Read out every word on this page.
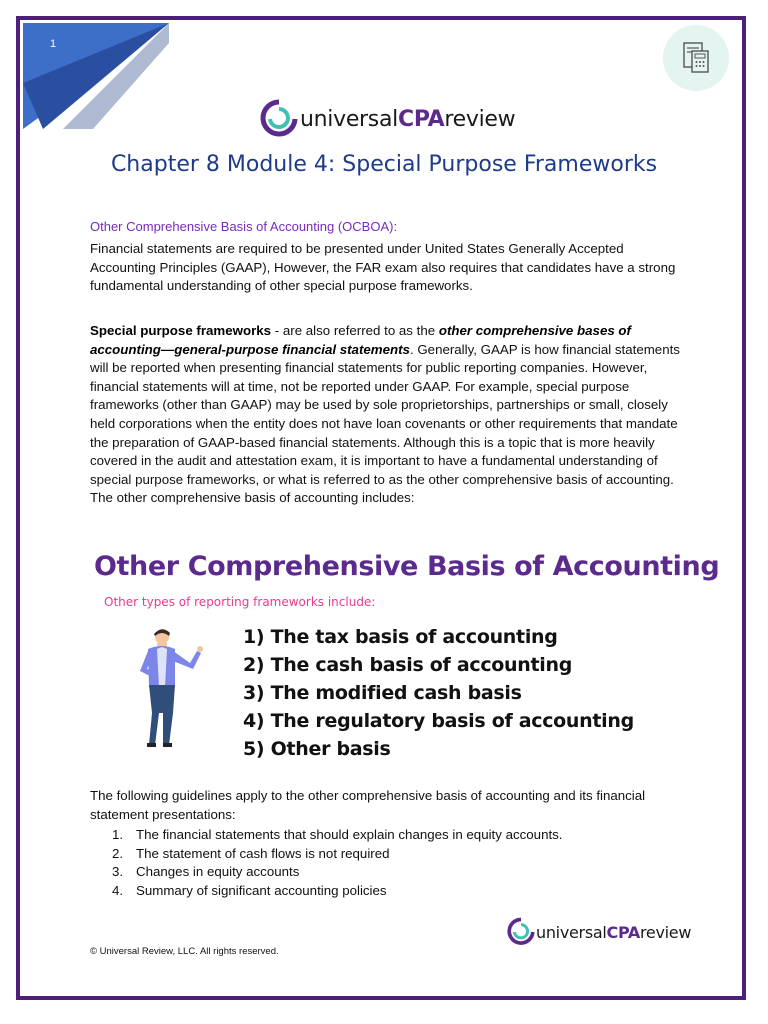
1
universalCPAreview
Chapter 8 Module 4: Special Purpose Frameworks
Other Comprehensive Basis of Accounting (OCBOA):
Financial statements are required to be presented under United States Generally Accepted Accounting Principles (GAAP), However, the FAR exam also requires that candidates have a strong fundamental understanding of other special purpose frameworks.
Special purpose frameworks - are also referred to as the other comprehensive bases of accounting—general-purpose financial statements. Generally, GAAP is how financial statements will be reported when presenting financial statements for public reporting companies. However, financial statements will at time, not be reported under GAAP. For example, special purpose frameworks (other than GAAP) may be used by sole proprietorships, partnerships or small, closely held corporations when the entity does not have loan covenants or other requirements that mandate the preparation of GAAP-based financial statements. Although this is a topic that is more heavily covered in the audit and attestation exam, it is important to have a fundamental understanding of special purpose frameworks, or what is referred to as the other comprehensive basis of accounting. The other comprehensive basis of accounting includes:
Other Comprehensive Basis of Accounting
Other types of reporting frameworks include:
1) The tax basis of accounting
2) The cash basis of accounting
3) The modified cash basis
4) The regulatory basis of accounting
5) Other basis
The following guidelines apply to the other comprehensive basis of accounting and its financial statement presentations:
1. The financial statements that should explain changes in equity accounts.
2. The statement of cash flows is not required
3. Changes in equity accounts
4. Summary of significant accounting policies
universalCPAreview
© Universal Review, LLC. All rights reserved.
